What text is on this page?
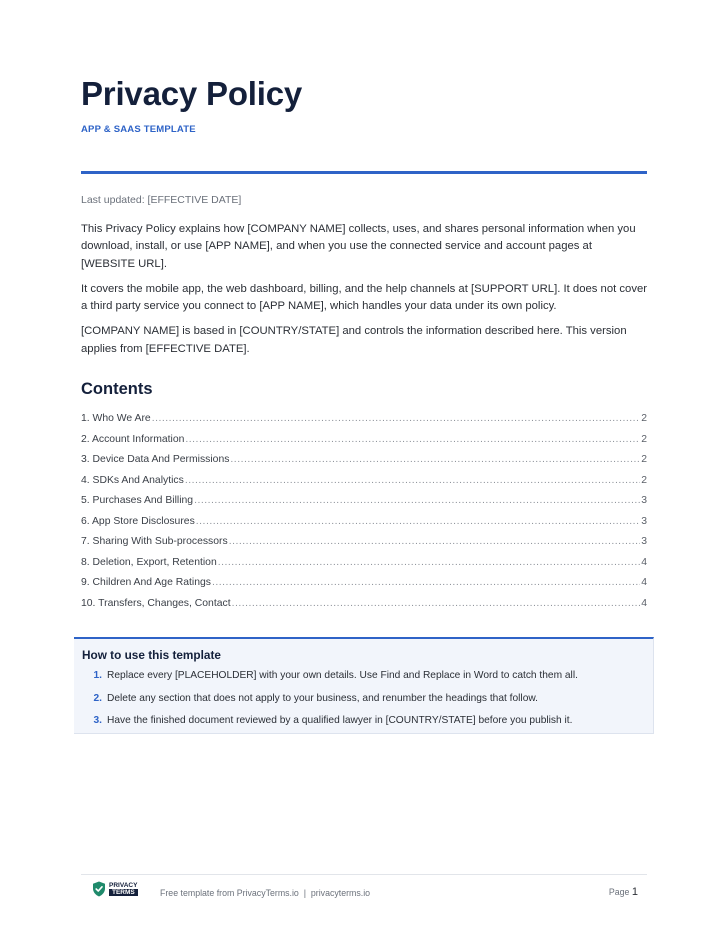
Privacy Policy
APP & SAAS TEMPLATE
Last updated: [EFFECTIVE DATE]

This Privacy Policy explains how [COMPANY NAME] collects, uses, and shares personal information when you download, install, or use [APP NAME], and when you use the connected service and account pages at [WEBSITE URL].

It covers the mobile app, the web dashboard, billing, and the help channels at [SUPPORT URL]. It does not cover a third party service you connect to [APP NAME], which handles your data under its own policy.

[COMPANY NAME] is based in [COUNTRY/STATE] and controls the information described here. This version applies from [EFFECTIVE DATE].

Contents
1. Who We Are .....	2
2. Account Information .....	2
3. Device Data And Permissions .....	2
4. SDKs And Analytics .....	2
5. Purchases And Billing .....	3
6. App Store Disclosures .....	3
7. Sharing With Sub-processors .....	3
8. Deletion, Export, Retention .....	4
9. Children And Age Ratings .....	4
10. Transfers, Changes, Contact .....	4
How to use this template
1. Replace every [PLACEHOLDER] with your own details. Use Find and Replace in Word to catch them all.
2. Delete any section that does not apply to your business, and renumber the headings that follow.
3. Have the finished document reviewed by a qualified lawyer in [COUNTRY/STATE] before you publish it.
PRIVACY
TERMS	Free template from PrivacyTerms.io  |  privacyterms.io	Page 1
